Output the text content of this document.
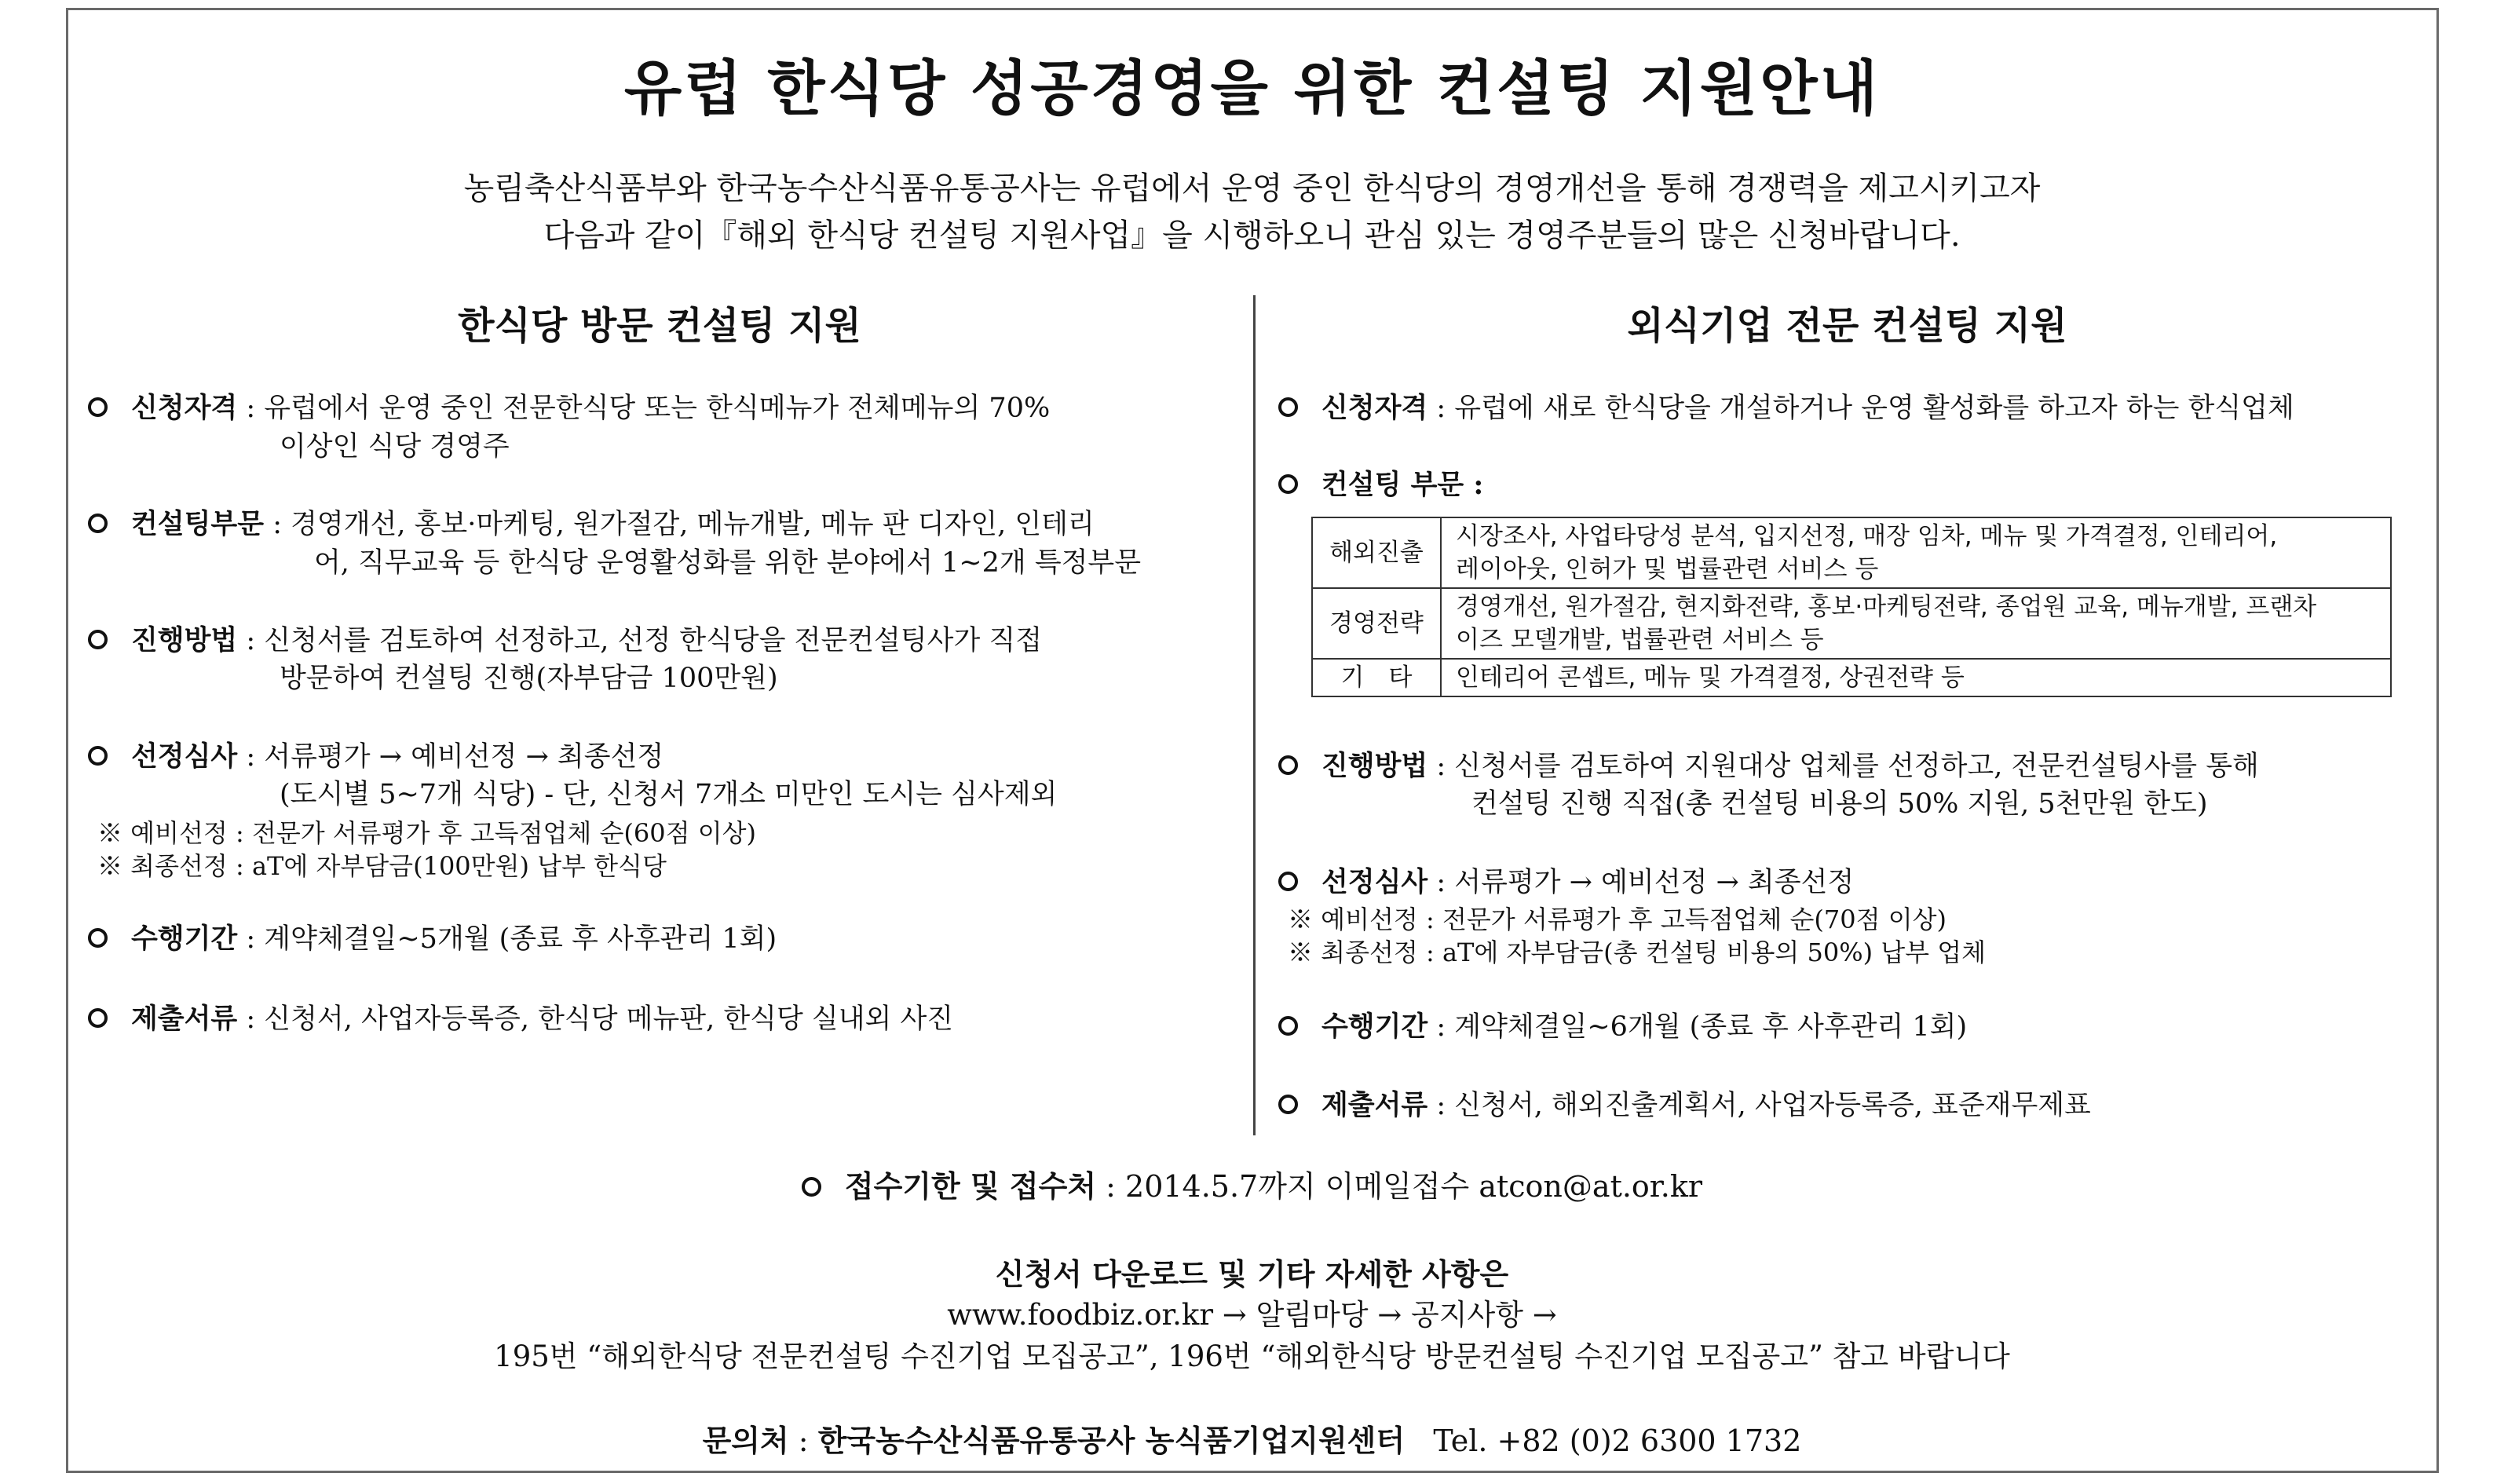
유럽 한식당 성공경영을 위한 컨설팅 지원안내
농림축산식품부와 한국농수산식품유통공사는 유럽에서 운영 중인 한식당의 경영개선을 통해 경쟁력을 제고시키고자
다음과 같이『해외 한식당 컨설팅 지원사업』을 시행하오니 관심 있는 경영주분들의 많은 신청바랍니다.
한식당 방문 컨설팅 지원
신청자격 : 유럽에서 운영 중인 전문한식당 또는 한식메뉴가 전체메뉴의 70%
이상인 식당 경영주
컨설팅부문 : 경영개선, 홍보·마케팅, 원가절감, 메뉴개발, 메뉴 판 디자인, 인테리
어, 직무교육 등 한식당 운영활성화를 위한 분야에서 1~2개 특정부문
진행방법 : 신청서를 검토하여 선정하고, 선정 한식당을 전문컨설팅사가 직접
방문하여 컨설팅 진행(자부담금 100만원)
선정심사 : 서류평가 → 예비선정 → 최종선정
(도시별 5~7개 식당) - 단, 신청서 7개소 미만인 도시는 심사제외
※ 예비선정 : 전문가 서류평가 후 고득점업체 순(60점 이상)
※ 최종선정 : aT에 자부담금(100만원) 납부 한식당
수행기간 : 계약체결일~5개월 (종료 후 사후관리 1회)
제출서류 : 신청서, 사업자등록증, 한식당 메뉴판, 한식당 실내외 사진
외식기업 전문 컨설팅 지원
신청자격 : 유럽에 새로 한식당을 개설하거나 운영 활성화를 하고자 하는 한식업체
컨설팅 부문 :
해외진출	시장조사, 사업타당성 분석, 입지선정, 매장 임차, 메뉴 및 가격결정, 인테리어,
레이아웃, 인허가 및 법률관련 서비스 등

경영전략	경영개선, 원가절감, 현지화전략, 홍보·마케팅전략, 종업원 교육, 메뉴개발, 프랜차
이즈 모델개발, 법률관련 서비스 등

기　타	인테리어 콘셉트, 메뉴 및 가격결정, 상권전략 등
진행방법 : 신청서를 검토하여 지원대상 업체를 선정하고, 전문컨설팅사를 통해
컨설팅 진행 직접(총 컨설팅 비용의 50% 지원, 5천만원 한도)
선정심사 : 서류평가 → 예비선정 → 최종선정
※ 예비선정 : 전문가 서류평가 후 고득점업체 순(70점 이상)
※ 최종선정 : aT에 자부담금(총 컨설팅 비용의 50%) 납부 업체
수행기간 : 계약체결일~6개월 (종료 후 사후관리 1회)
제출서류 : 신청서, 해외진출계획서, 사업자등록증, 표준재무제표
접수기한 및 접수처 : 2014.5.7까지 이메일접수 atcon@at.or.kr
신청서 다운로드 및 기타 자세한 사항은
www.foodbiz.or.kr → 알림마당 → 공지사항 →
195번 “해외한식당 전문컨설팅 수진기업 모집공고”, 196번 “해외한식당 방문컨설팅 수진기업 모집공고” 참고 바랍니다
문의처 : 한국농수산식품유통공사 농식품기업지원센터 Tel. +82 (0)2 6300 1732
